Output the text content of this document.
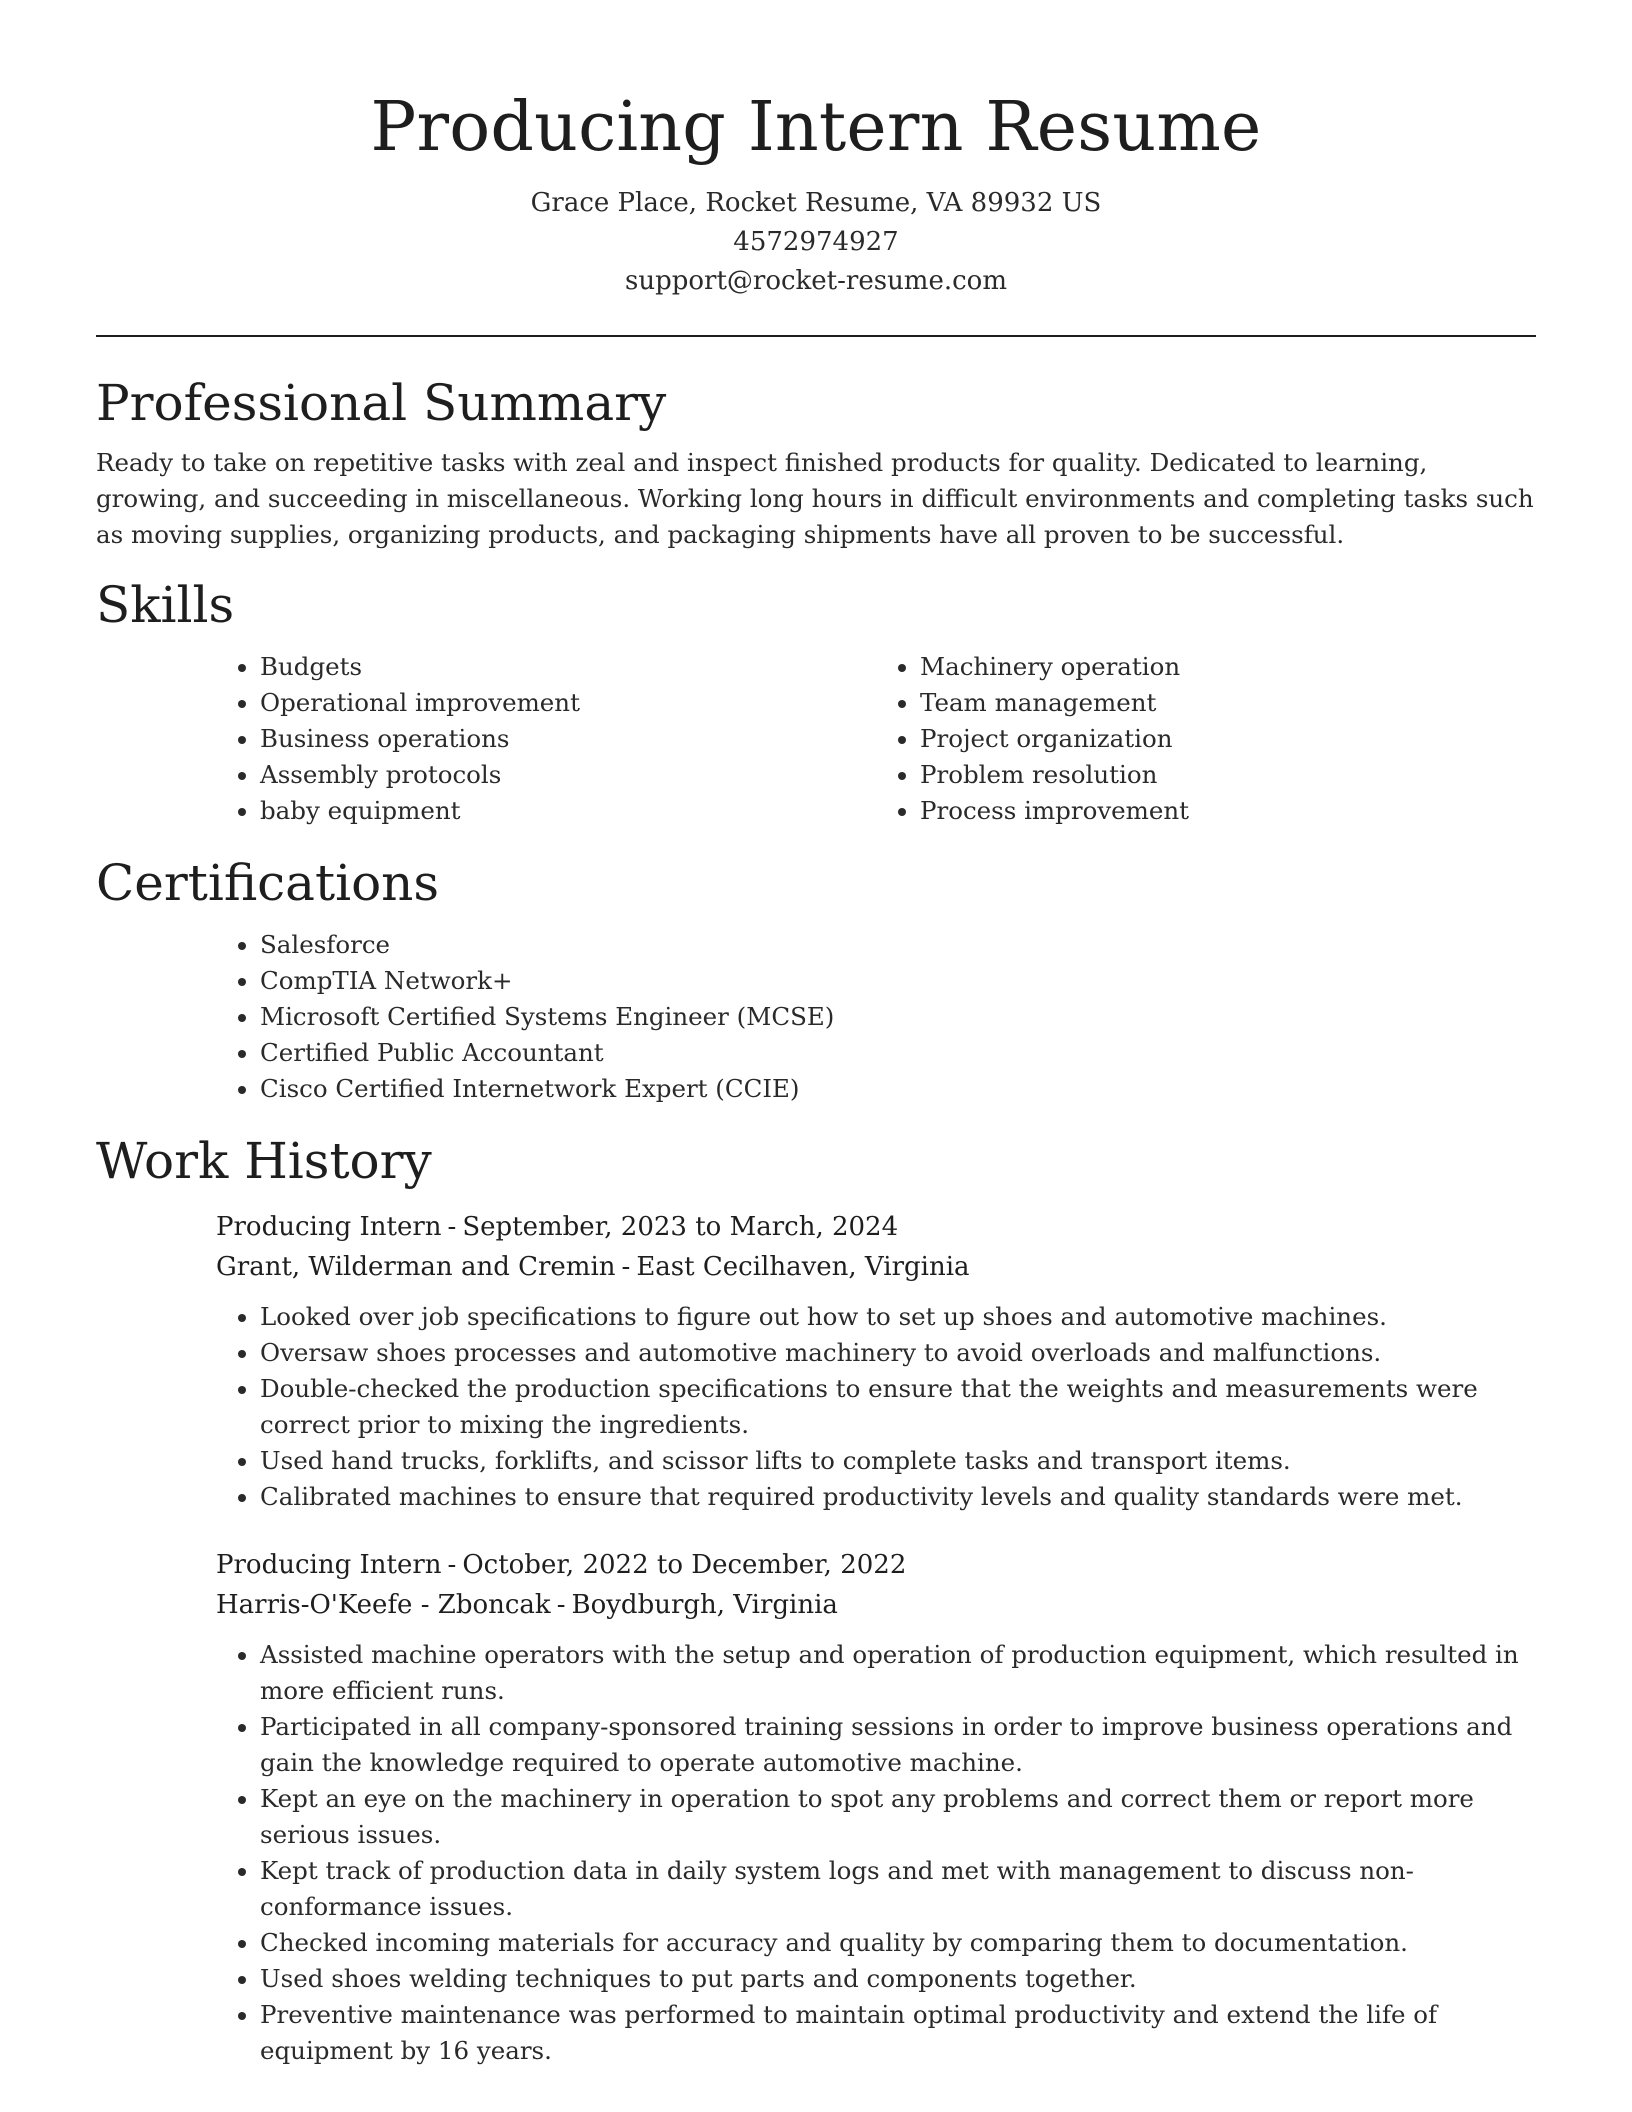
Producing Intern Resume
Grace Place, Rocket Resume, VA 89932 US
4572974927
support@rocket-resume.com
Professional Summary

Ready to take on repetitive tasks with zeal and inspect finished products for quality. Dedicated to learning, growing, and succeeding in miscellaneous. Working long hours in difficult environments and completing tasks such as moving supplies, organizing products, and packaging shipments have all proven to be successful.

Skills
• Budgets
• Operational improvement
• Business operations
• Assembly protocols
• baby equipment
• Machinery operation
• Team management
• Project organization
• Problem resolution
• Process improvement
Certifications
• Salesforce
• CompTIA Network+
• Microsoft Certified Systems Engineer (MCSE)
• Certified Public Accountant
• Cisco Certified Internetwork Expert (CCIE)
Work History
Producing Intern - September, 2023 to March, 2024
Grant, Wilderman and Cremin - East Cecilhaven, Virginia
• Looked over job specifications to figure out how to set up shoes and automotive machines.
• Oversaw shoes processes and automotive machinery to avoid overloads and malfunctions.
• Double-checked the production specifications to ensure that the weights and measurements were correct prior to mixing the ingredients.
• Used hand trucks, forklifts, and scissor lifts to complete tasks and transport items.
• Calibrated machines to ensure that required productivity levels and quality standards were met.
Producing Intern - October, 2022 to December, 2022
Harris-O'Keefe - Zboncak - Boydburgh, Virginia
• Assisted machine operators with the setup and operation of production equipment, which resulted in more efficient runs.
• Participated in all company-sponsored training sessions in order to improve business operations and gain the knowledge required to operate automotive machine.
• Kept an eye on the machinery in operation to spot any problems and correct them or report more serious issues.
• Kept track of production data in daily system logs and met with management to discuss non-conformance issues.
• Checked incoming materials for accuracy and quality by comparing them to documentation.
• Used shoes welding techniques to put parts and components together.
• Preventive maintenance was performed to maintain optimal productivity and extend the life of equipment by 16 years.
